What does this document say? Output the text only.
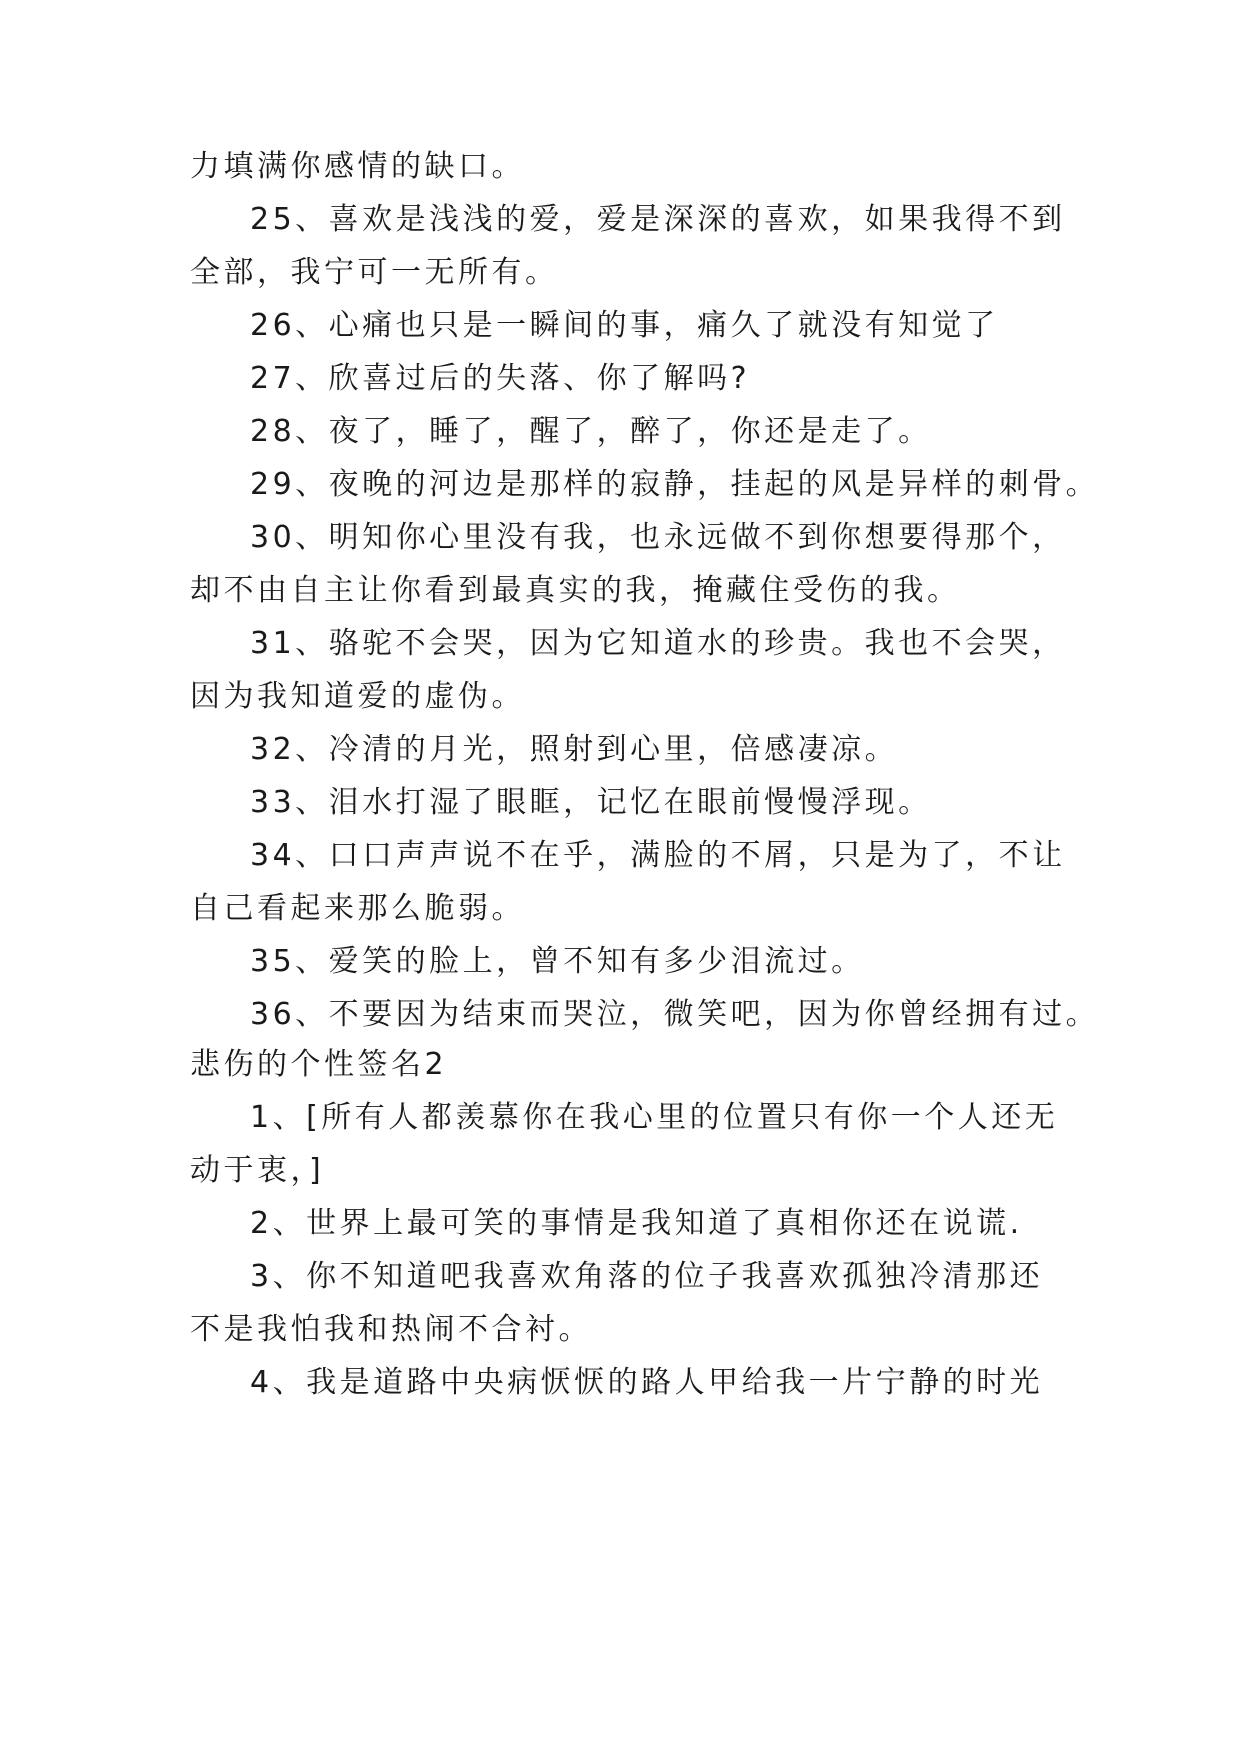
力填满你感情的缺口。
25、喜欢是浅浅的爱，爱是深深的喜欢，如果我得不到
全部，我宁可一无所有。
26、心痛也只是一瞬间的事，痛久了就没有知觉了
27、欣喜过后的失落、你了解吗?
28、夜了，睡了，醒了，醉了，你还是走了。
29、夜晚的河边是那样的寂静，挂起的风是异样的刺骨。
30、明知你心里没有我，也永远做不到你想要得那个，
却不由自主让你看到最真实的我，掩藏住受伤的我。
31、骆驼不会哭，因为它知道水的珍贵。我也不会哭，
因为我知道爱的虚伪。
32、冷清的月光，照射到心里，倍感凄凉。
33、泪水打湿了眼眶，记忆在眼前慢慢浮现。
34、口口声声说不在乎，满脸的不屑，只是为了，不让
自己看起来那么脆弱。
35、爱笑的脸上，曾不知有多少泪流过。
36、不要因为结束而哭泣，微笑吧，因为你曾经拥有过。
悲伤的个性签名2
1、[所有人都羡慕你在我心里的位置只有你一个人还无
动于衷，]
2、世界上最可笑的事情是我知道了真相你还在说谎.
3、你不知道吧我喜欢角落的位子我喜欢孤独冷清那还
不是我怕我和热闹不合衬。
4、我是道路中央病恹恹的路人甲给我一片宁静的时光
